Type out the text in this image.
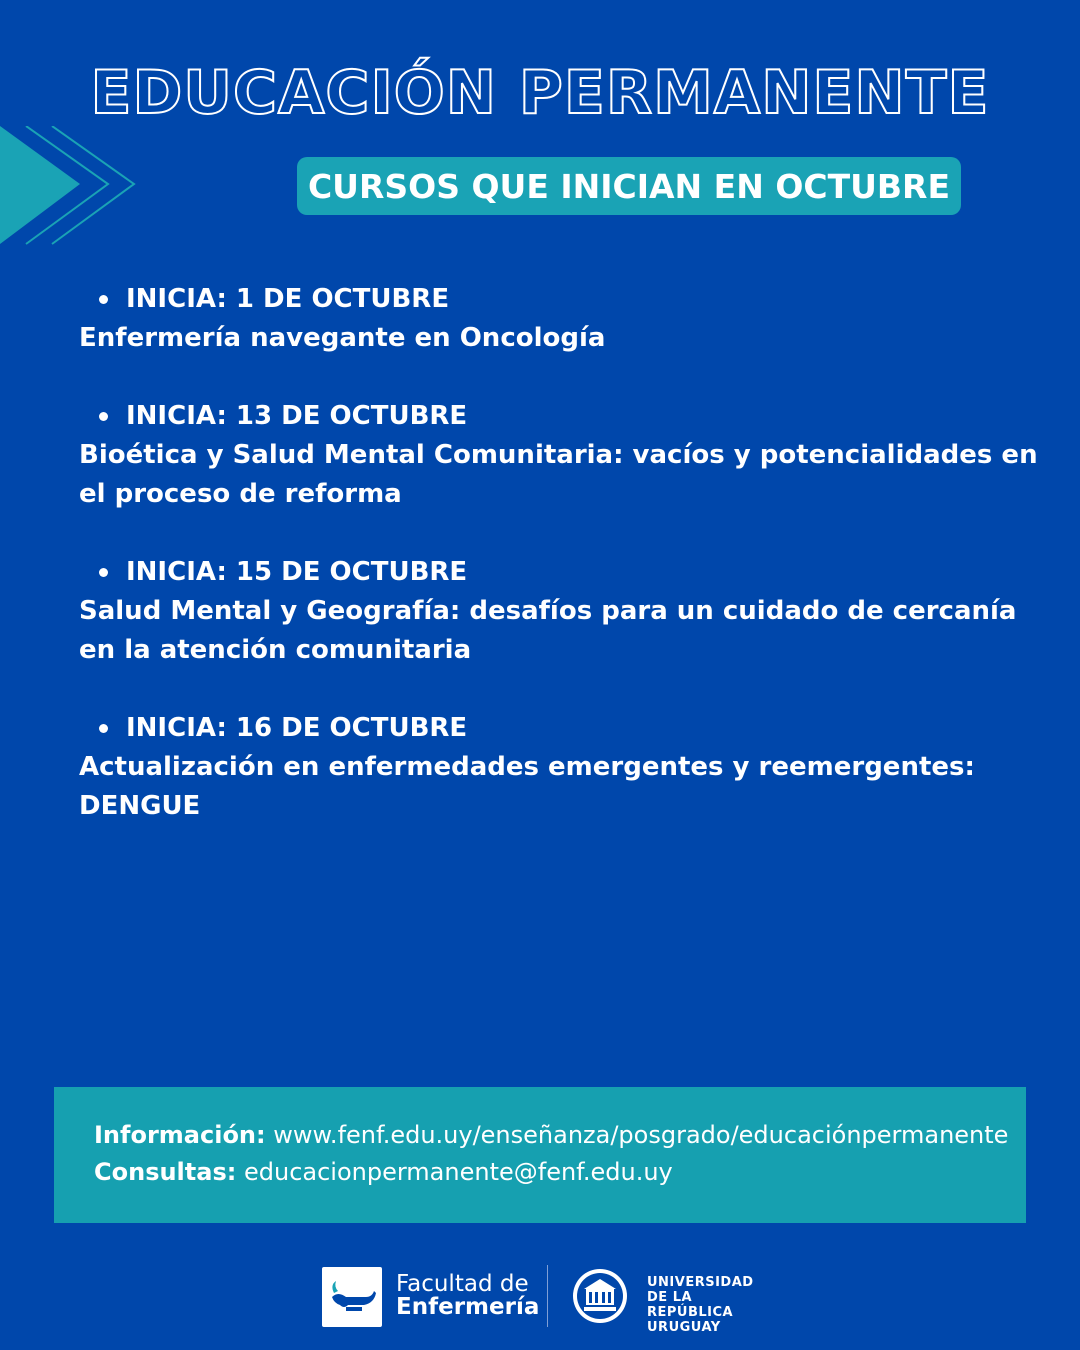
EDUCACIÓN PERMANENTE
CURSOS QUE INICIAN EN OCTUBRE
INICIA: 1 DE OCTUBRE
Enfermería navegante en Oncología
INICIA: 13 DE OCTUBRE
Bioética y Salud Mental Comunitaria: vacíos y potencialidades en el proceso de reforma
INICIA: 15 DE OCTUBRE
Salud Mental y Geografía: desafíos para un cuidado de cercanía en la atención comunitaria
INICIA: 16 DE OCTUBRE
Actualización en enfermedades emergentes y reemergentes: DENGUE
Información: www.fenf.edu.uy/enseñanza/posgrado/educaciónpermanente
Consultas: educacionpermanente@fenf.edu.uy
Facultad de
Enfermería
UNIVERSIDAD
DE LA REPÚBLICA
URUGUAY
